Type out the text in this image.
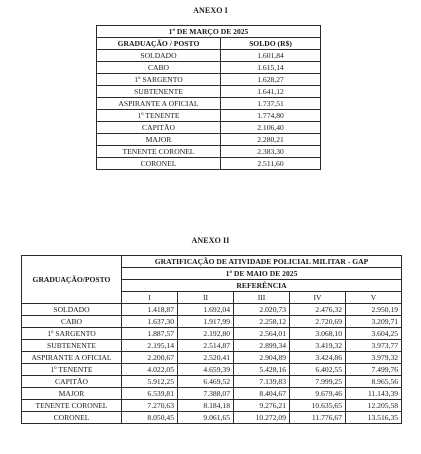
ANEXO I
1º DE MARÇO DE 2025	
GRADUAÇÃO / POSTO	SOLDO (R$)
SOLDADO	1.601,84
CABO	1.615,14
1º SARGENTO	1.628,27
SUBTENENTE	1.641,12
ASPIRANTE A OFICIAL	1.737,51
1º TENENTE	1.774,80
CAPITÃO	2.106,40
MAJOR	2.280,21
TENENTE CORONEL	2.383,30
CORONEL	2.511,60
ANEXO II
GRADUAÇÃO/POSTO	GRATIFICAÇÃO DE ATIVIDADE POLICIAL MILITAR - GAP				
	1º DE MAIO DE 2025				
	REFERÊNCIA				
	I	II	III	IV	V
SOLDADO	1.418,87	1.692,04	2.020,73	2.476,32	2.950,19
CABO	1.637,30	1.917,99	2.258,12	2.720,69	3.209,71
1º SARGENTO	1.887,57	2.192,80	2.564,01	3.068,10	3.604,25
SUBTENENTE	2.195,14	2.514,87	2.899,34	3.419,32	3.973,77
ASPIRANTE A OFICIAL	2.200,67	2.520,41	2.904,89	3.424,86	3.979,32
1º TENENTE	4.022,05	4.659,39	5.428,16	6.402,55	7.499,76
CAPITÃO	5.912,25	6.469,52	7.139,83	7.999,25	8.965,56
MAJOR	6.539,81	7.388,07	8.404,67	9.679,46	11.143,39
TENENTE CORONEL	7.270,63	8.184,18	9.276,21	10.635,65	12.205,58
CORONEL	8.050,45	9.061,65	10.272,09	11.776,67	13.516,35
